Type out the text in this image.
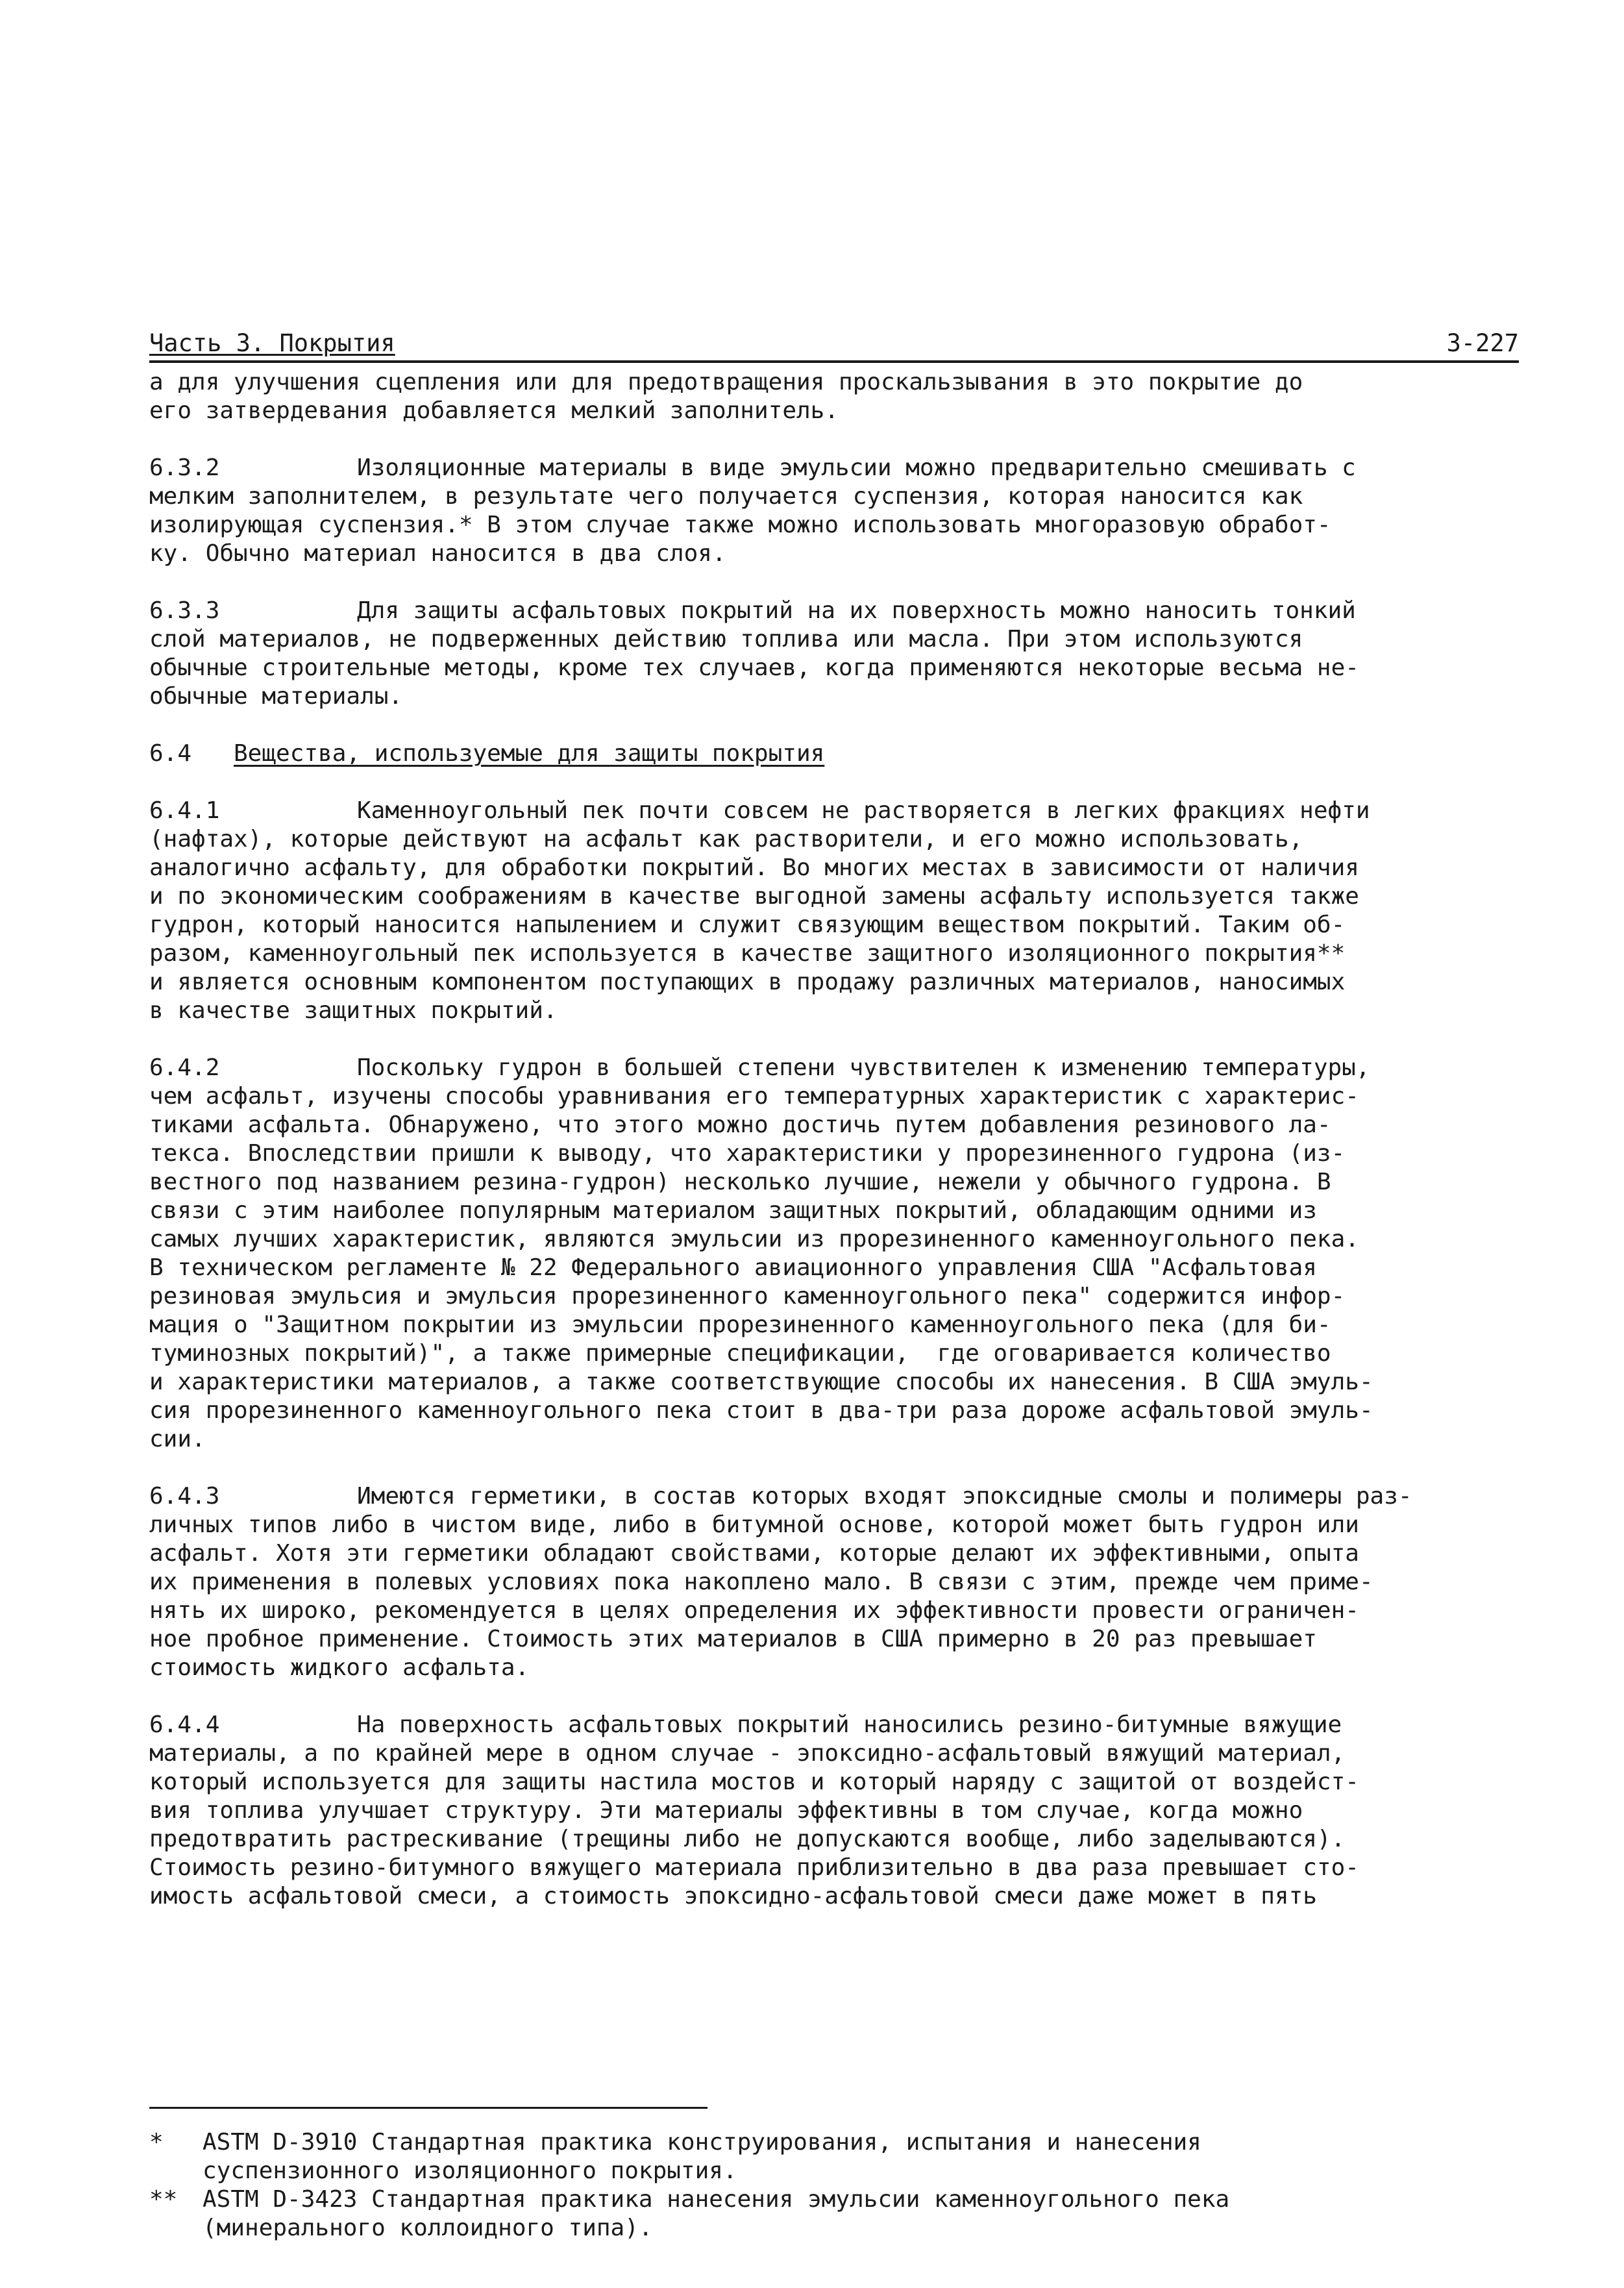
Часть 3. Покрытия	3-227

а для улучшения сцепления или для предотвращения проскальзывания в это покрытие до
его затвердевания добавляется мелкий заполнитель.

6.3.2	Изоляционные материалы в виде эмульсии можно предварительно смешивать с
мелким заполнителем, в результате чего получается суспензия, которая наносится как
изолирующая суспензия.* В этом случае также можно использовать многоразовую обработ-
ку. Обычно материал наносится в два слоя.

6.3.3	Для защиты асфальтовых покрытий на их поверхность можно наносить тонкий
слой материалов, не подверженных действию топлива или масла. При этом используются
обычные строительные методы, кроме тех случаев, когда применяются некоторые весьма не-
обычные материалы.

6.4 Вещества, используемые для защиты покрытия

6.4.1	Каменноугольный пек почти совсем не растворяется в легких фракциях нефти
(нафтах), которые действуют на асфальт как растворители, и его можно использовать,
аналогично асфальту, для обработки покрытий. Во многих местах в зависимости от наличия
и по экономическим соображениям в качестве выгодной замены асфальту используется также
гудрон, который наносится напылением и служит связующим веществом покрытий. Таким об-
разом, каменноугольный пек используется в качестве защитного изоляционного покрытия**
и является основным компонентом поступающих в продажу различных материалов, наносимых
в качестве защитных покрытий.

6.4.2	Поскольку гудрон в большей степени чувствителен к изменению температуры,
чем асфальт, изучены способы уравнивания его температурных характеристик с характерис-
тиками асфальта. Обнаружено, что этого можно достичь путем добавления резинового ла-
текса. Впоследствии пришли к выводу, что характеристики у прорезиненного гудрона (из-
вестного под названием резина-гудрон) несколько лучшие, нежели у обычного гудрона. В
связи с этим наиболее популярным материалом защитных покрытий, обладающим одними из
самых лучших характеристик, являются эмульсии из прорезиненного каменноугольного пека.
В техническом регламенте № 22 Федерального авиационного управления США "Асфальтовая
резиновая эмульсия и эмульсия прорезиненного каменноугольного пека" содержится инфор-
мация о "Защитном покрытии из эмульсии прорезиненного каменноугольного пека (для би-
туминозных покрытий)", а также примерные спецификации,  где оговаривается количество
и характеристики материалов, а также соответствующие способы их нанесения. В США эмуль-
сия прорезиненного каменноугольного пека стоит в два-три раза дороже асфальтовой эмуль-
сии.

6.4.3	Имеются герметики, в состав которых входят эпоксидные смолы и полимеры раз-
личных типов либо в чистом виде, либо в битумной основе, которой может быть гудрон или
асфальт. Хотя эти герметики обладают свойствами, которые делают их эффективными, опыта
их применения в полевых условиях пока накоплено мало. В связи с этим, прежде чем приме-
нять их широко, рекомендуется в целях определения их эффективности провести ограничен-
ное пробное применение. Стоимость этих материалов в США примерно в 20 раз превышает
стоимость жидкого асфальта.

6.4.4	На поверхность асфальтовых покрытий наносились резино-битумные вяжущие
материалы, а по крайней мере в одном случае - эпоксидно-асфальтовый вяжущий материал,
который используется для защиты настила мостов и который наряду с защитой от воздейст-
вия топлива улучшает структуру. Эти материалы эффективны в том случае, когда можно
предотвратить растрескивание (трещины либо не допускаются вообще, либо заделываются).
Стоимость резино-битумного вяжущего материала приблизительно в два раза превышает сто-
имость асфальтовой смеси, а стоимость эпоксидно-асфальтовой смеси даже может в пять

*	ASTM D-3910 Стандартная практика конструирования, испытания и нанесения
суспензионного изоляционного покрытия.

**	ASTM D-3423 Стандартная практика нанесения эмульсии каменноугольного пека
(минерального коллоидного типа).
